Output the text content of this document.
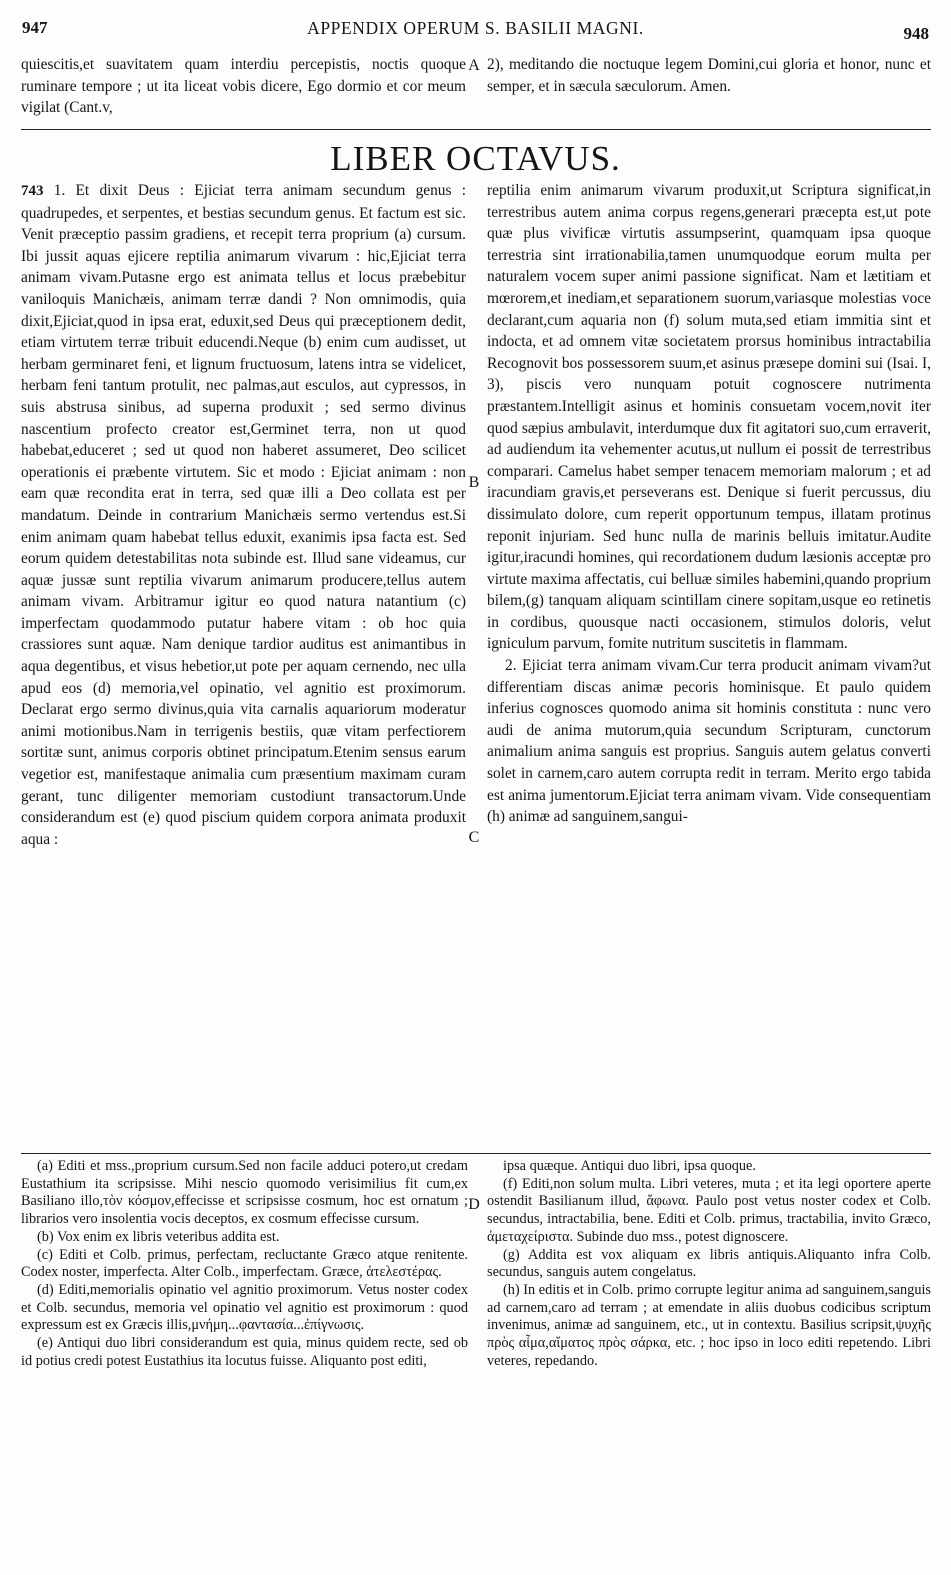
947	APPENDIX OPERUM S. BASILII MAGNI.	948

quiescitis,et suavitatem quam interdiu percepistis, noctis quoque ruminare tempore ; ut ita liceat vobis dicere, Ego dormio et cor meum vigilat (Cant.v,

2), meditando die noctuque legem Domini,cui gloria et honor, nunc et semper, et in sæcula sæculorum. Amen.

LIBER OCTAVUS.

743 1. Et dixit Deus : Ejiciat terra animam secundum genus : quadrupedes, et serpentes, et bestias secundum genus. Et factum est sic. Venit præceptio passim gradiens, et recepit terra proprium (a) cursum. Ibi jussit aquas ejicere reptilia animarum vivarum : hic,Ejiciat terra animam vivam.Putasne ergo est animata tellus et locus præbebitur vaniloquis Manichæis, animam terræ dandi ? Non omnimodis, quia dixit,Ejiciat,quod in ipsa erat, eduxit,sed Deus qui præceptionem dedit, etiam virtutem terræ tribuit educendi.Neque (b) enim cum audisset, ut herbam germinaret feni, et lignum fructuosum, latens intra se videlicet, herbam feni tantum protulit, nec palmas,aut esculos, aut cypressos, in suis abstrusa sinibus, ad superna produxit ; sed sermo divinus nascentium profecto creator est,Germinet terra, non ut quod habebat,educeret ; sed ut quod non haberet assumeret, Deo scilicet operationis ei præbente virtutem. Sic et modo : Ejiciat animam : non eam quæ recondita erat in terra, sed quæ illi a Deo collata est per mandatum. Deinde in contrarium Manichæis sermo vertendus est.Si enim animam quam habebat tellus eduxit, exanimis ipsa facta est. Sed eorum quidem detestabilitas nota subinde est. Illud sane videamus, cur aquæ jussæ sunt reptilia vivarum animarum producere,tellus autem animam vivam. Arbitramur igitur eo quod natura natantium (c) imperfectam quodammodo putatur habere vitam : ob hoc quia crassiores sunt aquæ. Nam denique tardior auditus est animantibus in aqua degentibus, et visus hebetior,ut pote per aquam cernendo, nec ulla apud eos (d) memoria,vel opinatio, vel agnitio est proximorum. Declarat ergo sermo divinus,quia vita carnalis aquariorum moderatur animi motionibus.Nam in terrigenis bestiis, quæ vitam perfectiorem sortitæ sunt, animus corporis obtinet principatum.Etenim sensus earum vegetior est, manifestaque animalia cum præsentium maximam curam gerant, tunc diligenter memoriam custodiunt transactorum.Unde considerandum est (e) quod piscium quidem corpora animata produxit aqua :

reptilia enim animarum vivarum produxit,ut Scriptura significat,in terrestribus autem anima corpus regens,generari præcepta est,ut pote quæ plus vivificæ virtutis assumpserint, quamquam ipsa quoque terrestria sint irrationabilia,tamen unumquodque eorum multa per naturalem vocem super animi passione significat. Nam et lætitiam et mœrorem,et inediam,et separationem suorum,variasque molestias voce declarant,cum aquaria non (f) solum muta,sed etiam immitia sint et indocta, et ad omnem vitæ societatem prorsus hominibus intractabilia Recognovit bos possessorem suum,et asinus præsepe domini sui (Isai. I, 3), piscis vero nunquam potuit cognoscere nutrimenta præstantem.Intelligit asinus et hominis consuetam vocem,novit iter quod sæpius ambulavit, interdumque dux fit agitatori suo,cum erraverit, ad audiendum ita vehementer acutus,ut nullum ei possit de terrestribus comparari. Camelus habet semper tenacem memoriam malorum ; et ad iracundiam gravis,et perseverans est. Denique si fuerit percussus, diu dissimulato dolore, cum reperit opportunum tempus, illatam protinus reponit injuriam. Sed hunc nulla de marinis belluis imitatur.Audite igitur,iracundi homines, qui recordationem dudum læsionis acceptæ pro virtute maxima affectatis, cui belluæ similes habemini,quando proprium bilem,(g) tanquam aliquam scintillam cinere sopitam,usque eo retinetis in cordibus, quousque nacti occasionem, stimulos doloris, velut igniculum parvum, fomite nutritum suscitetis in flammam.

2. Ejiciat terra animam vivam.Cur terra producit animam vivam?ut differentiam discas animæ pecoris hominisque. Et paulo quidem inferius cognosces quomodo anima sit hominis constituta : nunc vero audi de anima mutorum,quia secundum Scripturam, cunctorum animalium anima sanguis est proprius. Sanguis autem gelatus converti solet in carnem,caro autem corrupta redit in terram. Merito ergo tabida est anima jumentorum.Ejiciat terra animam vivam. Vide consequentiam (h) animæ ad sanguinem,sangui-

(a) Editi et mss.,proprium cursum.Sed non facile adduci potero,ut credam Eustathium ita scripsisse. Mihi nescio quomodo verisimilius fit cum,ex Basiliano illo,τὸν κόσμον,effecisse et scripsisse cosmum, hoc est ornatum ; librarios vero insolentia vocis deceptos, ex cosmum effecisse cursum.

(b) Vox enim ex libris veteribus addita est.

(c) Editi et Colb. primus, perfectam, recluctante Græco atque renitente. Codex noster, imperfecta. Alter Colb., imperfectam. Græce, ἀτελεστέρας.

(d) Editi,memorialis opinatio vel agnitio proximorum. Vetus noster codex et Colb. secundus, memoria vel opinatio vel agnitio est proximorum : quod expressum est ex Græcis illis,μνήμη...φαντασία...ἐπίγνωσις.

(e) Antiqui duo libri considerandum est quia, minus quidem recte, sed ob id potius credi potest Eustathius ita locutus fuisse. Aliquanto post editi,

ipsa quæque. Antiqui duo libri, ipsa quoque.

(f) Editi,non solum multa. Libri veteres, muta ; et ita legi oportere aperte ostendit Basilianum illud, ἄφωνα. Paulo post vetus noster codex et Colb. secundus, intractabilia, bene. Editi et Colb. primus, tractabilia, invito Græco, ἀμεταχείριστα. Subinde duo mss., potest dignoscere.

(g) Addita est vox aliquam ex libris antiquis.Aliquanto infra Colb. secundus, sanguis autem congelatus.

(h) In editis et in Colb. primo corrupte legitur anima ad sanguinem,sanguis ad carnem,caro ad terram ; at emendate in aliis duobus codicibus scriptum invenimus, animæ ad sanguinem, etc., ut in contextu. Basilius scripsit,ψυχῆς πρὸς αἷμα,αἵματος πρὸς σάρκα, etc. ; hoc ipso in loco editi repetendo. Libri veteres, repedando.

A
B
C
D
